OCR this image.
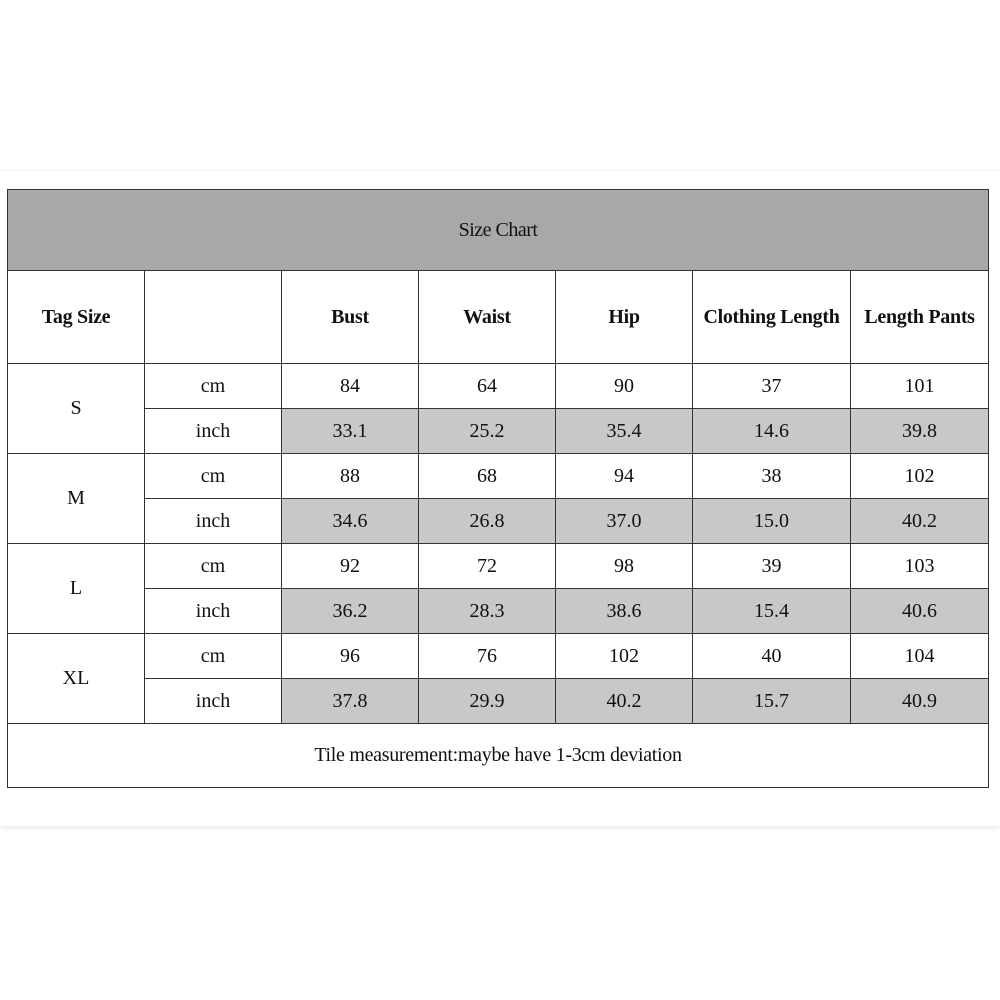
Size Chart						
Tag Size		Bust	Waist	Hip	Clothing Length	Length Pants
S	cm	84	64	90	37	101
	inch	33.1	25.2	35.4	14.6	39.8
M	cm	88	68	94	38	102
	inch	34.6	26.8	37.0	15.0	40.2
L	cm	92	72	98	39	103
	inch	36.2	28.3	38.6	15.4	40.6
XL	cm	96	76	102	40	104
	inch	37.8	29.9	40.2	15.7	40.9
Tile measurement:maybe have 1-3cm deviation						
